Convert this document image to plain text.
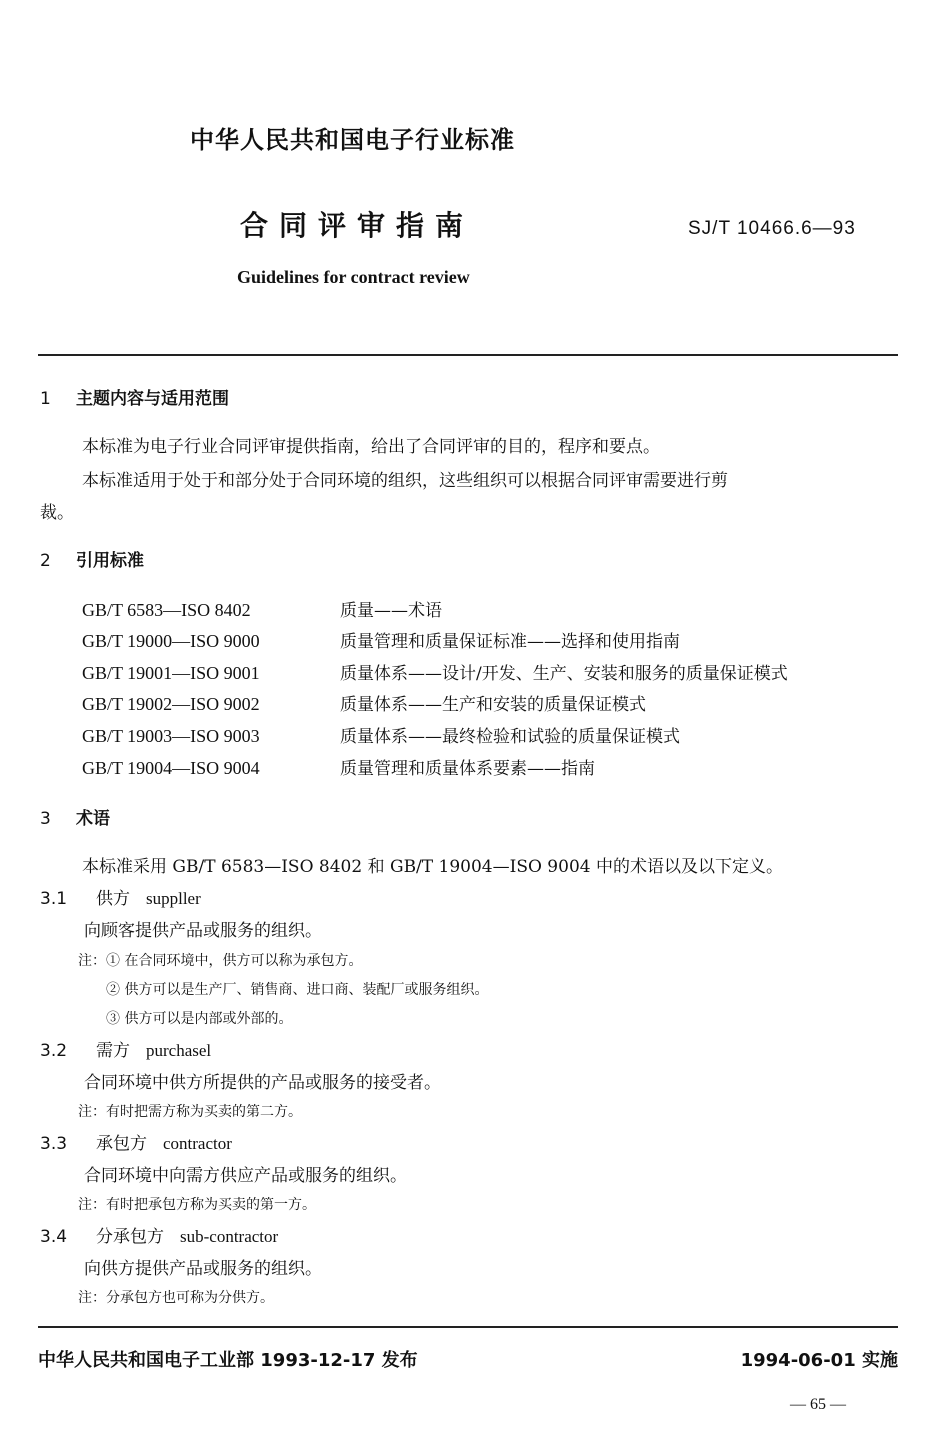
中华人民共和国电子行业标准
合同评审指南	SJ/T 10466.6—93
Guidelines for contract review
1 主题内容与适用范围
本标准为电子行业合同评审提供指南，给出了合同评审的目的，程序和要点。
本标准适用于处于和部分处于合同环境的组织，这些组织可以根据合同评审需要进行剪
裁。
2 引用标准
GB/T 6583—ISO 8402	质量——术语
GB/T 19000—ISO 9000	质量管理和质量保证标准——选择和使用指南
GB/T 19001—ISO 9001	质量体系——设计/开发、生产、安装和服务的质量保证模式
GB/T 19002—ISO 9002	质量体系——生产和安装的质量保证模式
GB/T 19003—ISO 9003	质量体系——最终检验和试验的质量保证模式
GB/T 19004—ISO 9004	质量管理和质量体系要素——指南
3 术语
本标准采用 GB/T 6583—ISO 8402 和 GB/T 19004—ISO 9004 中的术语以及以下定义。
3.1 供方 suppller
向顾客提供产品或服务的组织。
注：① 在合同环境中，供方可以称为承包方。
② 供方可以是生产厂、销售商、进口商、装配厂或服务组织。
③ 供方可以是内部或外部的。
3.2 需方 purchasel
合同环境中供方所提供的产品或服务的接受者。
注：有时把需方称为买卖的第二方。
3.3 承包方 contractor
合同环境中向需方供应产品或服务的组织。
注：有时把承包方称为买卖的第一方。
3.4 分承包方 sub-contractor
向供方提供产品或服务的组织。
注：分承包方也可称为分供方。
中华人民共和国电子工业部 1993-12-17 发布	1994-06-01 实施
— 65 —
